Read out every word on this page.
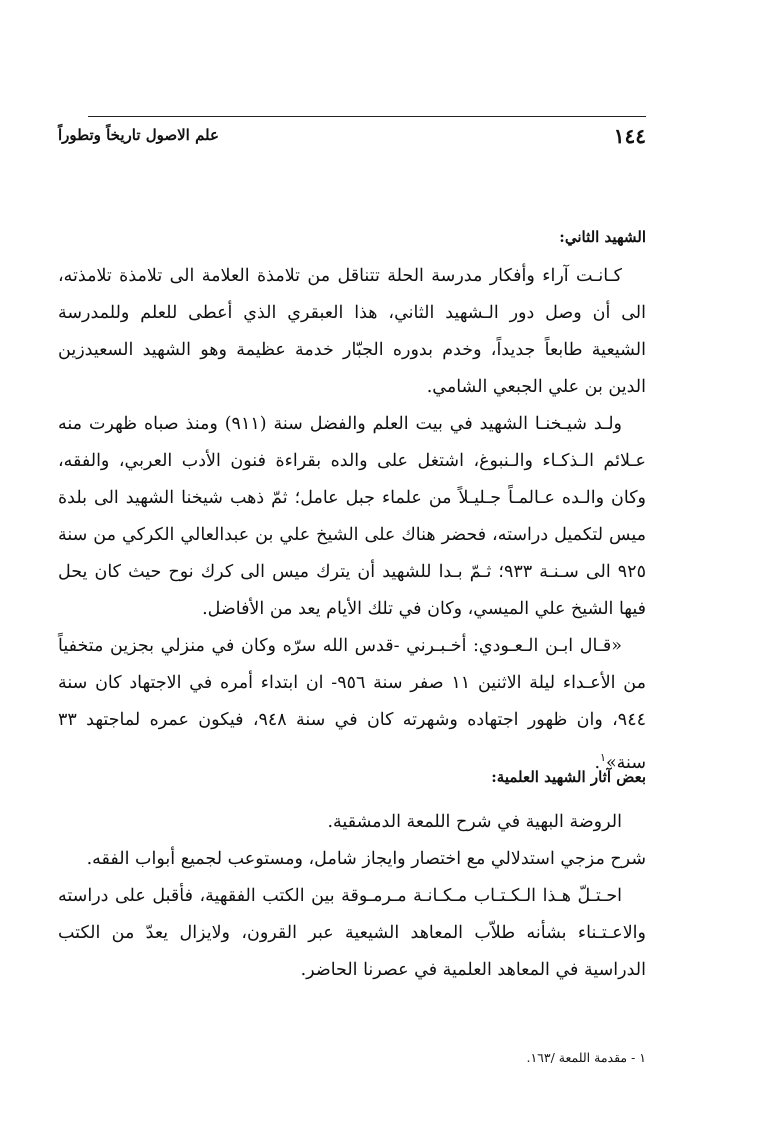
١٤٤
علم الاصول تاريخاً وتطوراً
الشهيد الثاني:

كـانـت آراء وأفكار مدرسة الحلة تتناقل من تلامذة العلامة الى تلامذة تلامذته، الى أن وصل دور الـشهيد الثاني، هذا العبقري الذي أعطى للعلم وللمدرسة الشيعية طابعاً جديداً، وخدم بدوره الجبّار خدمة عظيمة وهو الشهيد السعيدزين الدين بن علي الجبعي الشامي.

ولـد شيـخنـا الشهيد في بيت العلم والفضل سنة (٩١١) ومنذ صباه ظهرت منه عـلائم الـذكـاء والـنبوغ، اشتغل على والده بقراءة فنون الأدب العربي، والفقه، وكان والـده عـالمـاً جـليـلاً من علماء جبل عامل؛ ثمّ ذهب شيخنا الشهيد الى بلدة ميس لتكميل دراسته، فحضر هناك على الشيخ علي بن عبدالعالي الكركي من سنة ٩٢٥ الى سـنـة ٩٣٣؛ ثـمّ بـدا للشهيد أن يترك ميس الى كرك نوح حيث كان يحل فيها الشيخ علي الميسي، وكان في تلك الأيام يعد من الأفاضل.

«قـال ابـن الـعـودي: أخـبـرني -قدس الله سرّه وكان في منزلي بجزين متخفياً من الأعـداء ليلة الاثنين ١١ صفر سنة ٩٥٦- ان ابتداء أمره في الاجتهاد كان سنة ٩٤٤، وان ظهور اجتهاده وشهرته كان في سنة ٩٤٨، فيكون عمره لماجتهد ٣٣ سنة»$^١$.

بعض آثار الشهيد العلمية:
الروضة البهية في شرح اللمعة الدمشقية.
شرح مزجي استدلالي مع اختصار وايجاز شامل، ومستوعب لجميع أبواب الفقه.
احـتـلّ هـذا الـكـتـاب مـكـانـة مـرمـوقة بين الكتب الفقهية، فأقبل على دراسته والاعـتـناء بشأنه طلاّب المعاهد الشيعية عبر القرون، ولايزال يعدّ من الكتب الدراسية في المعاهد العلمية في عصرنا الحاضر.
١ - مقدمة اللمعة /١٦٣.
